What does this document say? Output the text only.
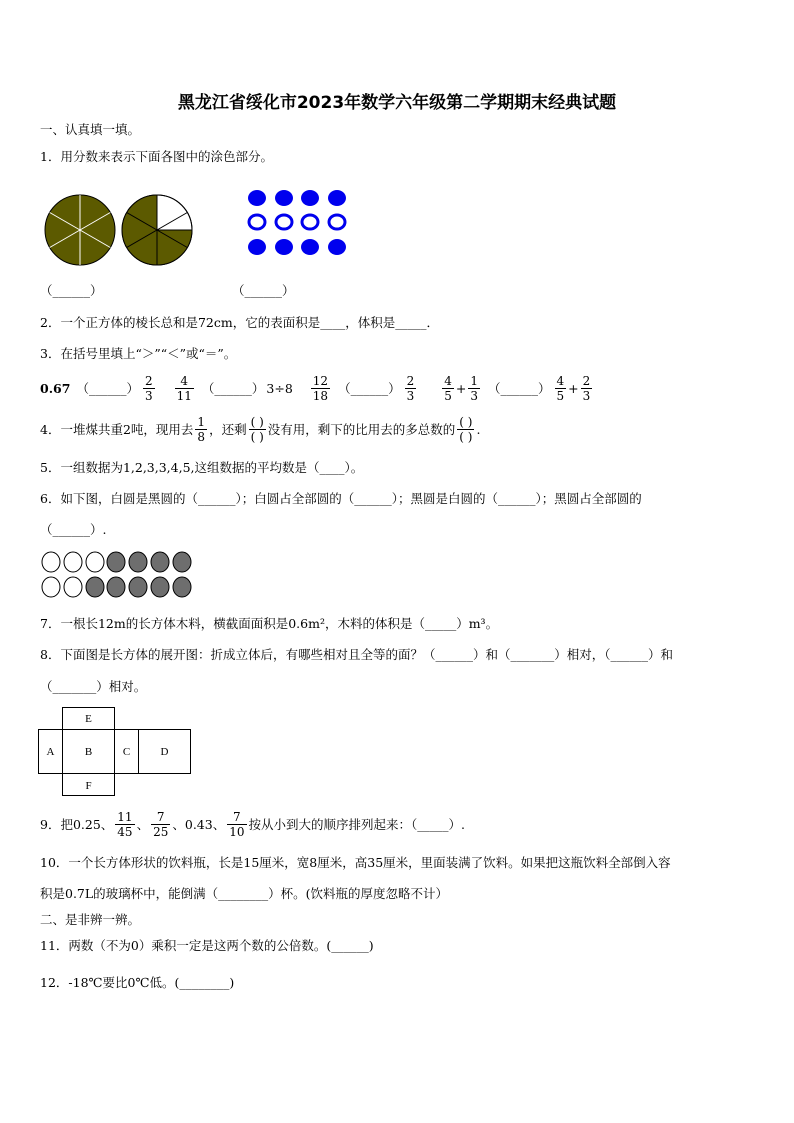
黑龙江省绥化市2023年数学六年级第二学期期末经典试题
一、认真填一填。
1．用分数来表示下面各图中的涂色部分。
（______）	（______）
2．一个正方体的棱长总和是72cm，它的表面积是____，体积是_____．
3．在括号里填上“＞”“＜”或“＝”。
0.67 （______） $\frac{2}{3} \frac{4}{11}$ （______） $3\div 8 \frac{12}{18}$ （______） $\frac{2}{3} \frac{4}{5} + \frac{1}{3}$ （______） $\frac{4}{5} + \frac{2}{3}$
4．一堆煤共重2吨，现用去 $\frac{1}{8}$ ，还剩 $\frac{( )}{( )}$ 没有用，剩下的比用去的多总数的 $\frac{( )}{( )}$ .
5．一组数据为1,2,3,3,4,5,这组数据的平均数是（____）。
6．如下图，白圆是黑圆的（______）；白圆占全部圆的（______）；黑圆是白圆的（______）；黑圆占全部圆的
（______）.
7．一根长12m的长方体木料，横截面面积是0.6m²，木料的体积是（_____）m³。
8．下面图是长方体的展开图：折成立体后，有哪些相对且全等的面？（______）和（_______）相对，（______）和
（_______）相对。
E
A	B	C	D
F
9．把0.25、 $\frac{11}{45}$ 、 $\frac{7}{25}$ 、0.43、 $\frac{7}{10}$ 按从小到大的顺序排列起来：（_____）.
10．一个长方体形状的饮料瓶，长是15厘米，宽8厘米，高35厘米，里面装满了饮料。如果把这瓶饮料全部倒入容
积是0.7L的玻璃杯中，能倒满（________）杯。(饮料瓶的厚度忽略不计）
二、是非辨一辨。
11．两数（不为0）乘积一定是这两个数的公倍数。(______)
12．-18℃要比0℃低。(________)
